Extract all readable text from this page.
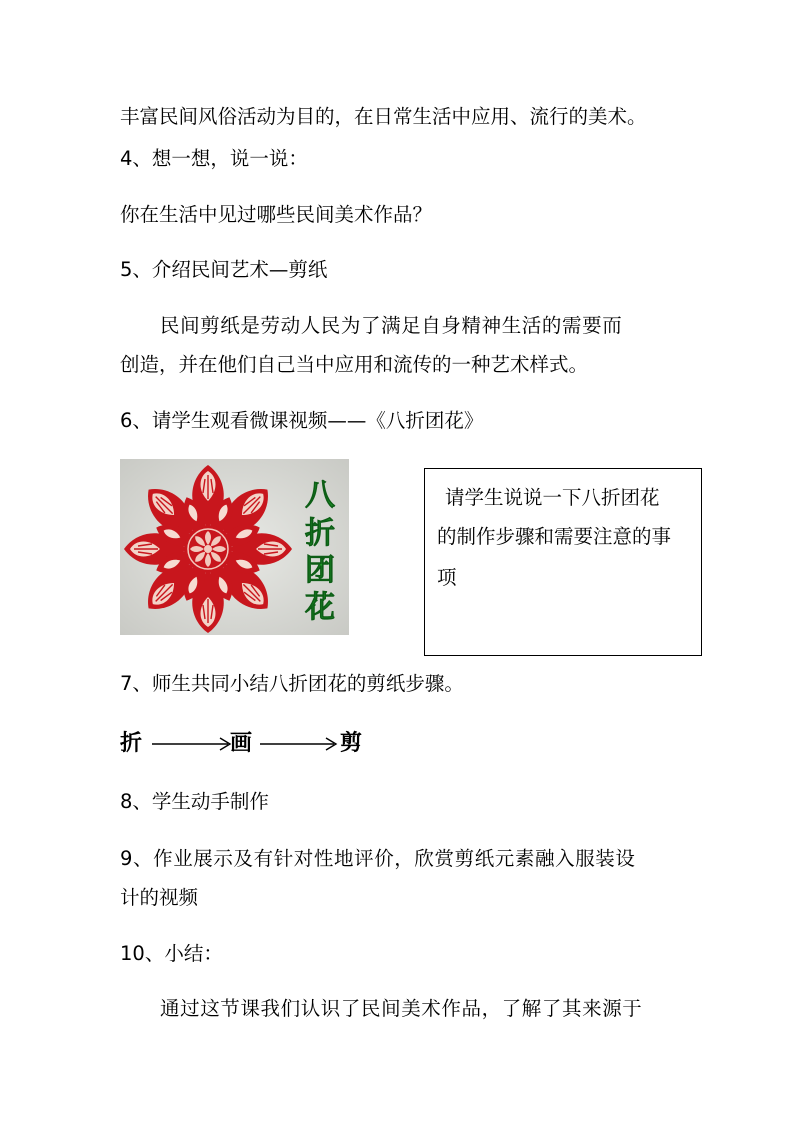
丰富民间风俗活动为目的，在日常生活中应用、流行的美术。
4、想一想，说一说：
你在生活中见过哪些民间美术作品？
5、介绍民间艺术—剪纸
民间剪纸是劳动人民为了满足自身精神生活的需要而
创造，并在他们自己当中应用和流传的一种艺术样式。
6、请学生观看微课视频——《八折团花》
八
折
团
花
请学生说说一下八折团花
的制作步骤和需要注意的事
项
7、师生共同小结八折团花的剪纸步骤。
折	画	剪
8、学生动手制作
9、作业展示及有针对性地评价，欣赏剪纸元素融入服装设
计的视频
10、小结：
通过这节课我们认识了民间美术作品，了解了其来源于
